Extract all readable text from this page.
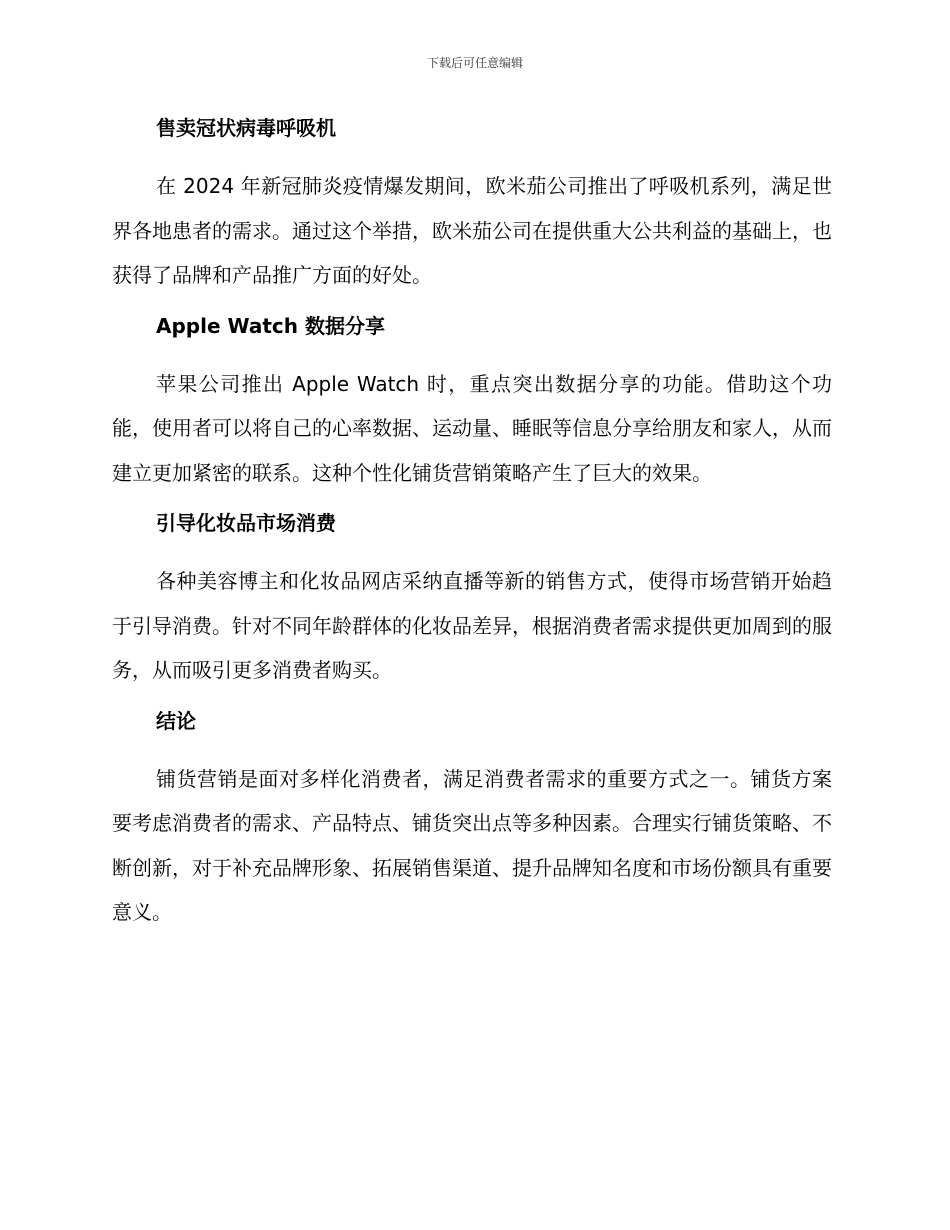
下载后可任意编辑
售卖冠状病毒呼吸机

在 2024 年新冠肺炎疫情爆发期间，欧米茄公司推出了呼吸机系列，满足世界各地患者的需求。通过这个举措，欧米茄公司在提供重大公共利益的基础上，也获得了品牌和产品推广方面的好处。

Apple Watch 数据分享

苹果公司推出 Apple Watch 时，重点突出数据分享的功能。借助这个功能，使用者可以将自己的心率数据、运动量、睡眠等信息分享给朋友和家人，从而建立更加紧密的联系。这种个性化铺货营销策略产生了巨大的效果。

引导化妆品市场消费

各种美容博主和化妆品网店采纳直播等新的销售方式，使得市场营销开始趋于引导消费。针对不同年龄群体的化妆品差异，根据消费者需求提供更加周到的服务，从而吸引更多消费者购买。

结论

铺货营销是面对多样化消费者，满足消费者需求的重要方式之一。铺货方案要考虑消费者的需求、产品特点、铺货突出点等多种因素。合理实行铺货策略、不断创新，对于补充品牌形象、拓展销售渠道、提升品牌知名度和市场份额具有重要意义。
